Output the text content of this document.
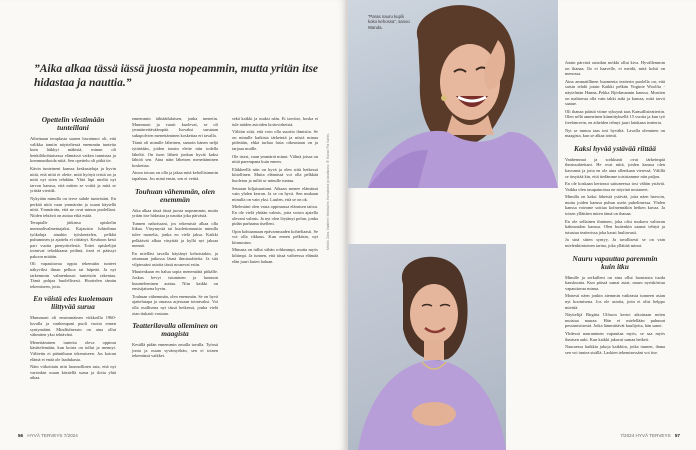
”Aika alkaa tässä iässä juosta nopeammin, mutta yritän itse hidastaa ja nauttia.”
Opettelin viestimään tunteillani

Aiheinaan teraplasta saaren havainnot oli, että valikka tamiin näytteltessä enemmän tunteita kuin läikkyi mäkistä, minun oli henkilökohtaisessa elämässä vaikea tunnistaa ja kommunikoida niitä. Sen opettelu oli pitkä tie.

Kävin tunteineni kanssa keskusteluja ja hyvin niitä, että niitä ei olette, mitä hyötyä teistä on ja mitä nyt siten tehdään. Yhtä läpi mieltä nyt tarvon kanssa, että mitten se voittä ja mitä se yrittää vieridä.

Nykyään minulla on terve suhde tunteisiini. En perkää niitä vaan ymmärrän ja osaan käytellä niitä. Ymmärrän, että ne ovat minun puolellani. Niiden tehtävä on auttaa eikä estää.

Terapialle järkinsa opiskelin mentaalivalmentajaksi. Kajauisin luhtoihma työkaluja ainahin työskentelen, pelkkä puhuminen ja ajattelu ei riittänyt. Keuhoon kesti pari vuotta pienyrittelestä. Tottei opiskelijat toimivat tehokkaana peilinä, itseä ei päässyt pakoon mitään.

Oli vapauttavaa oppia tekemään tunteet näkyviksi ilman pelkoa tai häpeää. Ja nyt tarkemmin valmenkuusi tunteisiin rakentaa. Tämä pohjaa huolellisesti. Hoottelen tämän tekemiseen, jotta.

En väistä edes kuolemaan liittyvää surua

Mummoni oli ensimmäinen viikkoilla 1960-luvulla ja vanhempani puoli vuotta ennen syntymääni. Mindfulnessin on aina ollut vähmiten yksi tehtäväni.

Menettäminen tunteita oleva oppinut käsittelemään, kun koirta on tullut ja mennyt. Välitettu ei pääntihuon tekemiseen. Jos koiran elämä ei enää ole laadukasta.

Näin viikoittain niin luonnollinen asia, että nyt varsinkin osaan käsitellä surua ja iloita yhtä aikaa.

ennemmin tähtäädulaisen, jonka menetin. Mummoni ja vaarit kuolevat, se oli ymmärrettäväämpää. Isovaksi surutaan sukupolvien menettäminen koskettaa eri tavalla.

Tämä oli minulle läheinen, samoin hänen neljä tyttärtään, joiden tunsin elette niin todella läheltä. On itsen lähteä jonkun hyvät kaksi lähtöä sen. Aina näin läheisen menettäminen koskettaa.

Ainoa totuus on olla ja jakaa mitä kehollisimmin tapahtuu. Jos minä ensin, sen ei vetitä.

Touhuan vähemmän, olen enemmän

Aika alkaa tässä iässä juosta nopeammin, mutta yritän itse hidastaa ja nauttia joka päivästä.

Tunnen nahoissani, jos tekemistä alkaa olla liikaa. Väsymystä tai huolettomuutta minulla tulee monelta, jonka en vielä jaksa. Kaikki pelkäävät alkaa väsyttää ja kyllä nyt jaksaa mennä.

En mielläsi tavalla käytänyt kehoistakin, ja ottamaan jatkossa läsnä ihmissuhteita. Ja sitä vilptessäni asioita tässä nousevat esiin.

Muutenkaan en halua sopia menemättä pitkälle. Joskus kevyt istuminen ja luonnon kuunteleminen auttaa. Niin kaikki on ensisijaisena hyvin.

Touhuan vähemmän, olen enemmän. Se on hyvä ajattelutapa ja omassa arjessaan toimivaksi. Voi olla osallisena nyt tässä hetkessä, jonka vielä otan tiukasti vastaan.

Teatterilavalla olleminen on maagista

Kesällä pidän ennemmin omalla tavalla. Työssä jonta ja osaan syvämyöhän, sen ei toinen tekemässä vaikkei.

sekä kaikki ja osaksi näin. Ei tarvitse, koska ei tule näiden asioiden hoitovirheistä.

Välitän siitä, että voin olla suuriin ihmisiin. Se on minulle kaikista tärkeintä ja niistä minua pidetään, ehkä turhaa lasia oikeastaan on ja tarjoaa muille.

Ole itsesi, vaan ymmärrä minut. Välinä joissa on niitä parempana kuin ennen.

Eläkkeellä niin on hyvä ja olen siitä hetkessä kiitollinen. Mutta elämässä voi olla pelkkää huoleton ja miltä se minulle tuntuu.

Seuraan hiljaisuuttani. Aikaan menee elämässä vain yhden kerran. Ja se on hyvä. Sen mukaan minulla on vain yksi. Luulen, että se on ok.

Mielestäni olen vasta oppimassa elämisen taitoa. En ole vielä yhtään valmis, jotta voisin ajatella olevani valmis. Ja nyt olen löytänyt polun, jonka pidän parhaana itselleni.

Opin kohtaamaan epävarmuuden kohteliaasti. Se voi olla rikkaus. Kun ennen pelkäsin, nyt kiinnostun.

Minusta on tullut vähän rohkeampi, mutta myös kiltimpi. Ja tunnen, että tässä vaiheessa elämää elän juuri kuten haluan.

Meikki: Zara. Vaatteet: Mediaclim. Korvakorut ja kaulakoru: IF. Kuvat: Pia Vainio.
56 HYVÄ TERVEYS 7/2024
”Paras nauru kuplii koko kehossa”, sanoo Wanda.

Jotain pärvärä oniaikin mökki ollut kiva. Hyvällemmin on ihanaa. Ilo ei haavelle, ei meidä, mitä kohti on menossa.

Aina ammatillinen huomenta teatterin puolella on, että saisin tehdä jotain Kaikki pelkän Virginie Woolfia -näytelmän Hanna–Pekka Björkmannin kanssa. Musiten on mahtavaa olla vain takki auki ja kanssa, mitä tarvii saatue.

Oli ihanaa päästä viime syksynä taas Kansallisteatteriin. Olen sellä ammeinen kiinnittyksellä 15 vuotta ja kun työ freelancerin, en aiheiden tehnyt juuri lainkaan teatteria.

Nyt se tuntuu taas tosi hyvältä. Lavalla oleminen on maagista, kun se alkaa toimii.

Kaksi hyvää ystävää riittää

Vanhemmat ja sorkkunit ovat tärkeimpiä ihmissuhteitani. He ovat niitä, joiden kanssa olen kasvanut ja joita en ole aina ollenkaan vieressä. Välillä se ärsyttää kin, että tiedämme toisistamme niin paljon.

En ole koskaan kertonut sattuneessa tosi vähän ystäviä. Vaikka olen tasapainoissa ne nöyrinä nostaneet.

Minulla on kaksi läheistä ystävää, joita näen harvoin, mutta joiden kanssa puhun usein puhelimessa. Yhden kanssa voimme soittaa kolmennäkin hetken kuvaa. Ja toisen yllättäen miten tämä on ihanaa.

En ole sellainen ihminen, joka olisi mukava valtavan hahmouden kanssa. Olen kuitenkin saanut tehtyä ja tutustua teatterissa joka kausi luultavasti.

Ja sinä sitten syntyy. Ja tavallisesti se on vain mielenkiintoinen tarina, joka yllättää minut.

Nauru vapauttaa paremmin kuin itku

Minulle ja serkulleni on aina ollut luontaista tuoda hauskuutta. Kun päissä samat asiat, nauru nyrisköstuu vapauttavaa minua.

Monesti näen jonkin aiemmin vaikeasta tunneen asian nyt koomisena. Jos ole asioita, joita ei olisi helppo miettiä.

Näyttelijä Birgitta Ulfsson kertoi aikoinaan miten muistaa nauraa. Hän ei mielellään puhunut pessimistisestä. Jotka lämmittävät kuulijoita, hän sanoi.

Yhdessä nauraminen vapauttaa myös, se saa myös ihmisen auki. Kun kaikki jakavat samaa hetkeä.

Nauraessa kaikkia jakoja kaikkiin, jotka tunnen, ihana sen voi tuntea sisällä. Laskien tekemisessäni voi itse.

7/2024 HYVÄ TERVEYS 57
